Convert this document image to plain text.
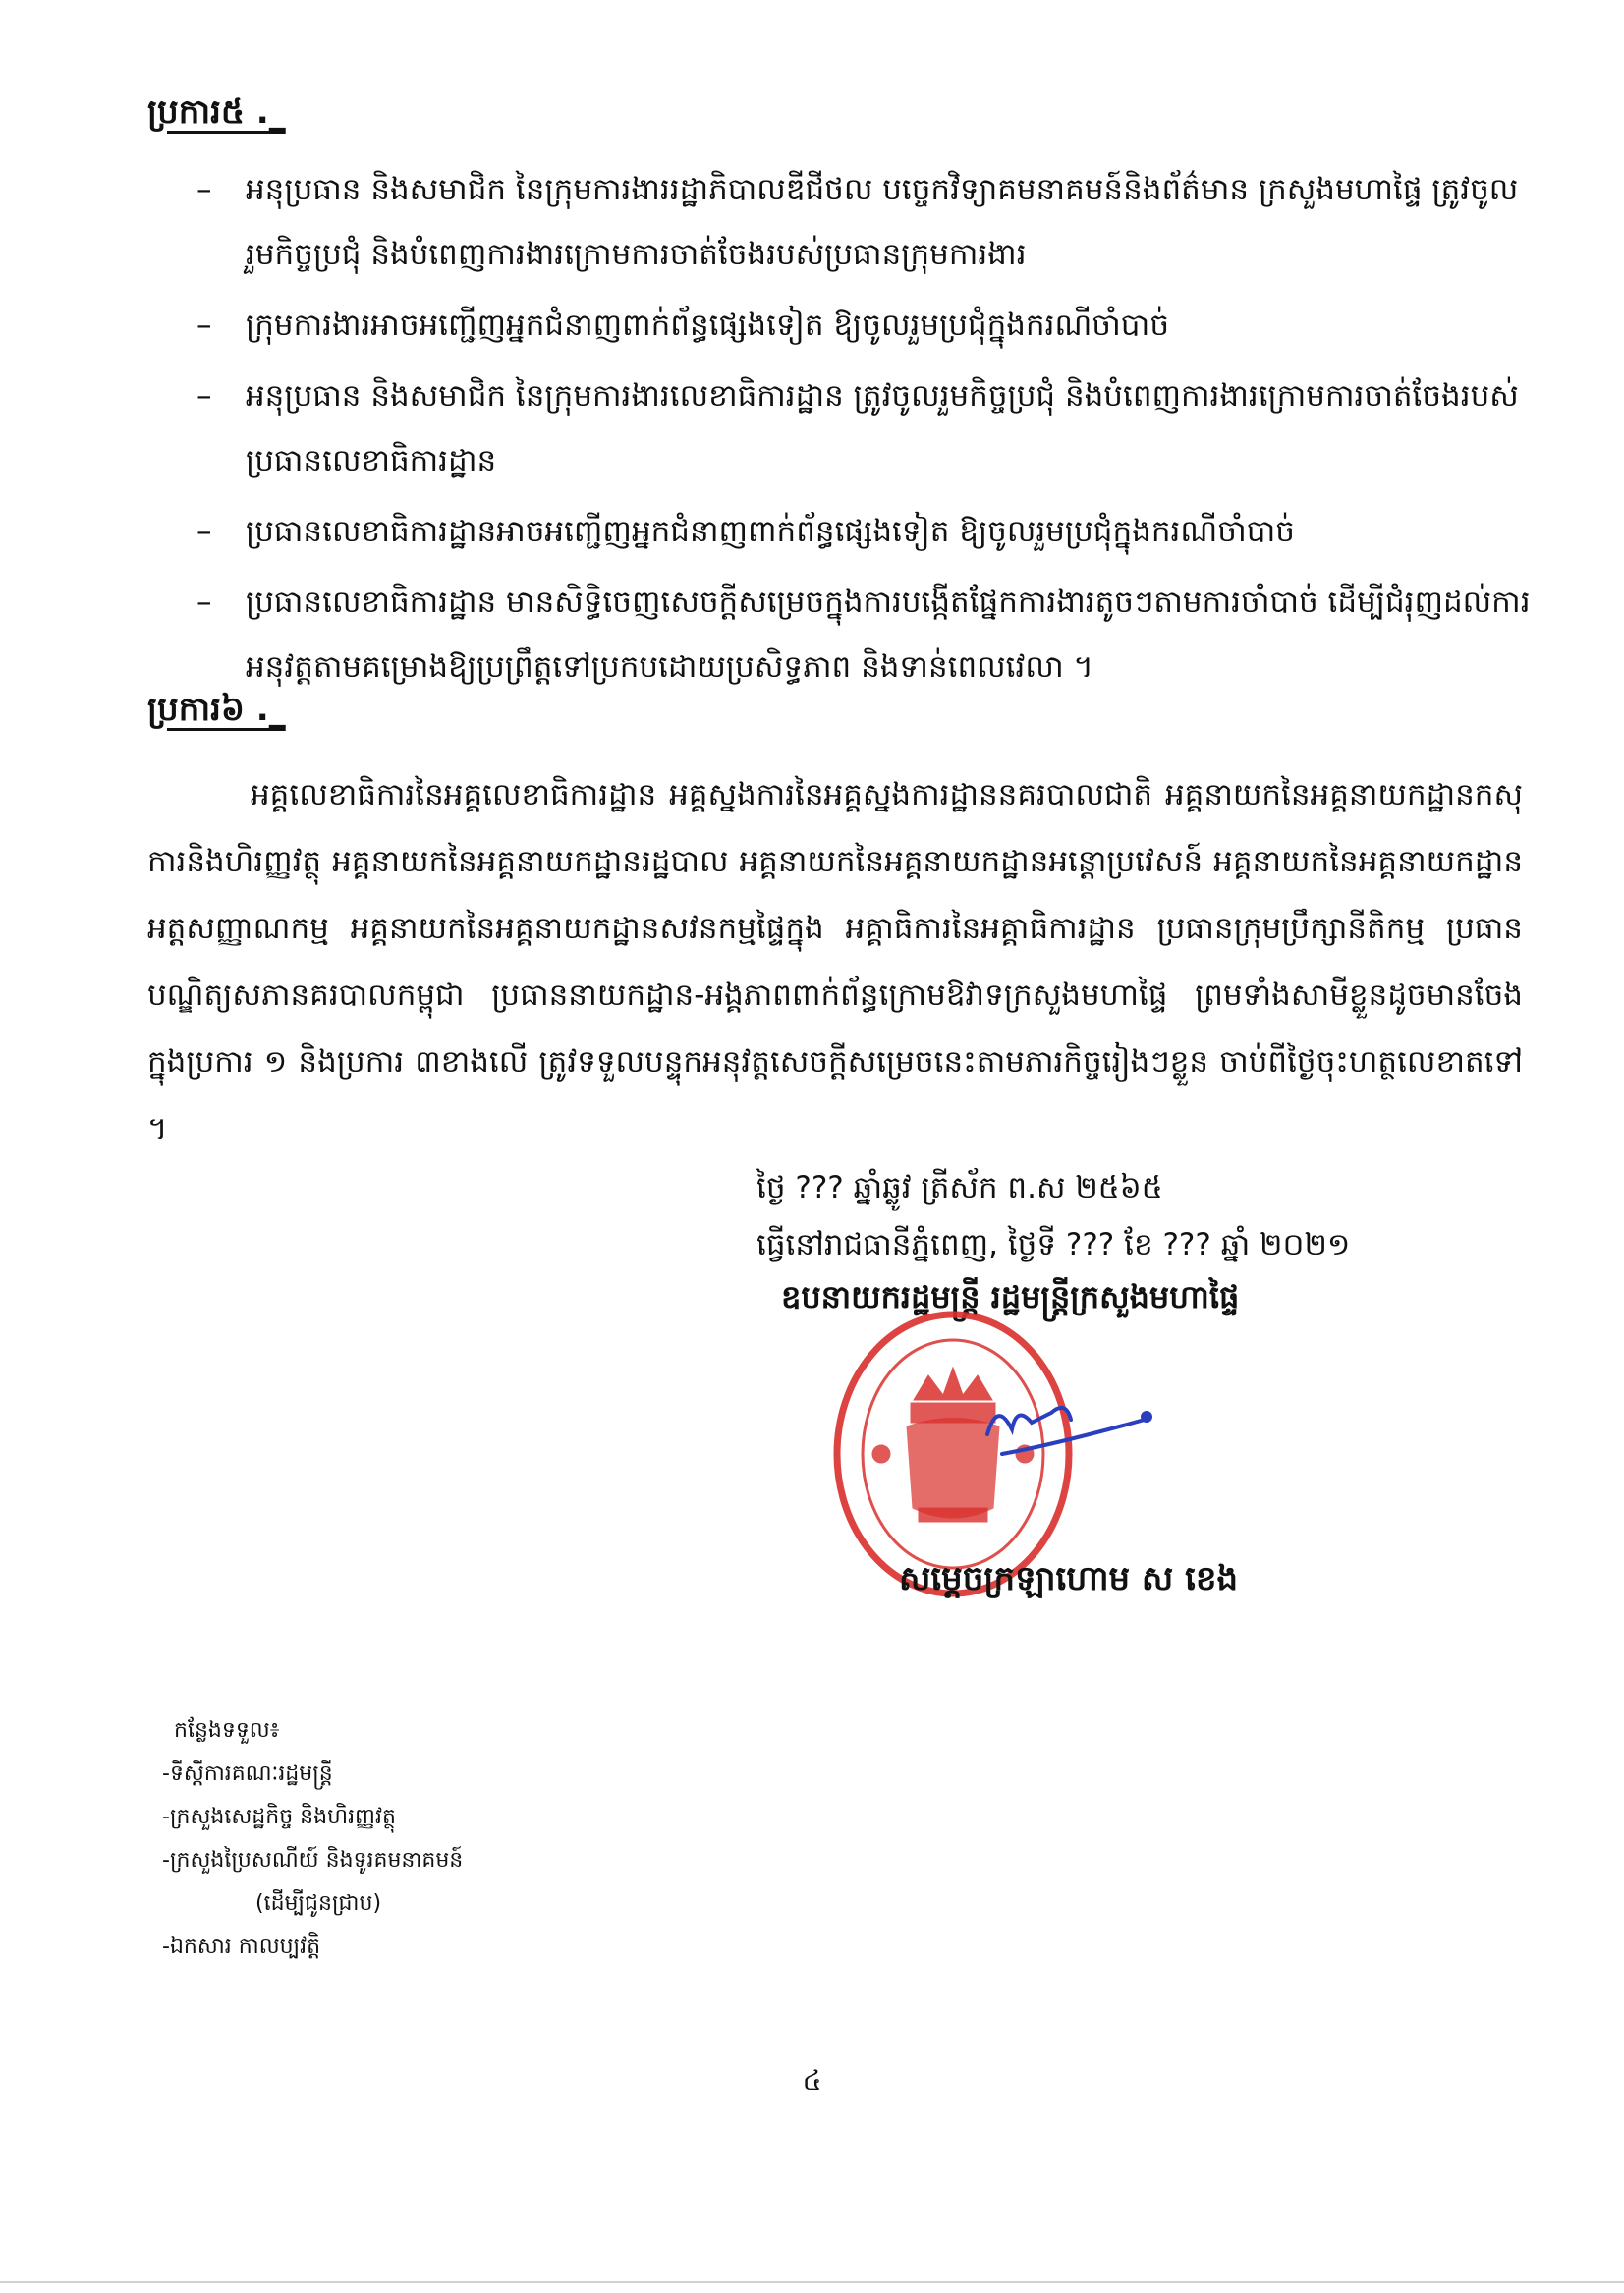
ប្រការ៥ ._
–	អនុប្រធាន និងសមាជិក នៃក្រុមការងាររដ្ឋាភិបាលឌីជីថល បច្ចេកវិទ្យាគមនាគមន៍និងព័ត៌មាន ក្រសួងមហាផ្ទៃ ត្រូវចូលរួមកិច្ចប្រជុំ និងបំពេញការងារក្រោមការចាត់ចែងរបស់ប្រធានក្រុមការងារ
–	ក្រុមការងារអាចអញ្ជើញអ្នកជំនាញពាក់ព័ន្ធផ្សេងទៀត ឱ្យចូលរួមប្រជុំក្នុងករណីចាំបាច់
–	អនុប្រធាន និងសមាជិក នៃក្រុមការងារលេខាធិការដ្ឋាន ត្រូវចូលរួមកិច្ចប្រជុំ និងបំពេញការងារក្រោមការចាត់ចែងរបស់ប្រធានលេខាធិការដ្ឋាន
–	ប្រធានលេខាធិការដ្ឋានអាចអញ្ជើញអ្នកជំនាញពាក់ព័ន្ធផ្សេងទៀត ឱ្យចូលរួមប្រជុំក្នុងករណីចាំបាច់
–	ប្រធានលេខាធិការដ្ឋាន មានសិទ្ធិចេញសេចក្តីសម្រេចក្នុងការបង្កើតផ្នែកការងារតូចៗតាមការចាំបាច់ ដើម្បីជំរុញដល់ការអនុវត្តតាមគម្រោងឱ្យប្រព្រឹត្តទៅប្រកបដោយប្រសិទ្ធភាព និងទាន់ពេលវេលា ។
ប្រការ៦ ._
អគ្គលេខាធិការនៃអគ្គលេខាធិការដ្ឋាន អគ្គស្នងការនៃអគ្គស្នងការដ្ឋាននគរបាលជាតិ អគ្គនាយកនៃអគ្គនាយកដ្ឋានកសុការនិងហិរញ្ញវត្ថុ អគ្គនាយកនៃអគ្គនាយកដ្ឋានរដ្ឋបាល អគ្គនាយកនៃអគ្គនាយកដ្ឋានអន្តោប្រវេសន៍ អគ្គនាយកនៃអគ្គនាយកដ្ឋានអត្តសញ្ញាណកម្ម អគ្គនាយកនៃអគ្គនាយកដ្ឋានសវនកម្មផ្ទៃក្នុង អគ្គាធិការនៃអគ្គាធិការដ្ឋាន ប្រធានក្រុមប្រឹក្សានីតិកម្ម ប្រធានបណ្ឌិត្យសភានគរបាលកម្ពុជា ប្រធាននាយកដ្ឋាន-អង្គភាពពាក់ព័ន្ធក្រោមឱវាទក្រសួងមហាផ្ទៃ ព្រមទាំងសាមីខ្លួនដូចមានចែងក្នុងប្រការ ១ និងប្រការ ៣ខាងលើ ត្រូវទទួលបន្ទុកអនុវត្តសេចក្តីសម្រេចនេះតាមភារកិច្ចរៀងៗខ្លួន ចាប់ពីថ្ងៃចុះហត្ថលេខាតទៅ ។
ថ្ងៃ ??? ឆ្នាំឆ្លូវ ត្រីស័ក ព.ស ២៥៦៥
ធ្វើនៅរាជធានីភ្នំពេញ, ថ្ងៃទី ??? ខែ ??? ឆ្នាំ ២០២១
ឧបនាយករដ្ឋមន្ត្រី រដ្ឋមន្ត្រីក្រសួងមហាផ្ទៃ
សម្តេចក្រឡាហោម ស ខេង
កន្លែងទទួល៖
-ទីស្តីការគណៈរដ្ឋមន្ត្រី
-ក្រសួងសេដ្ឋកិច្ច និងហិរញ្ញវត្ថុ
-ក្រសួងប្រៃសណីយ៍ និងទូរគមនាគមន៍
(ដើម្បីជូនជ្រាប)
-ឯកសារ កាលប្បវត្តិ
៤
